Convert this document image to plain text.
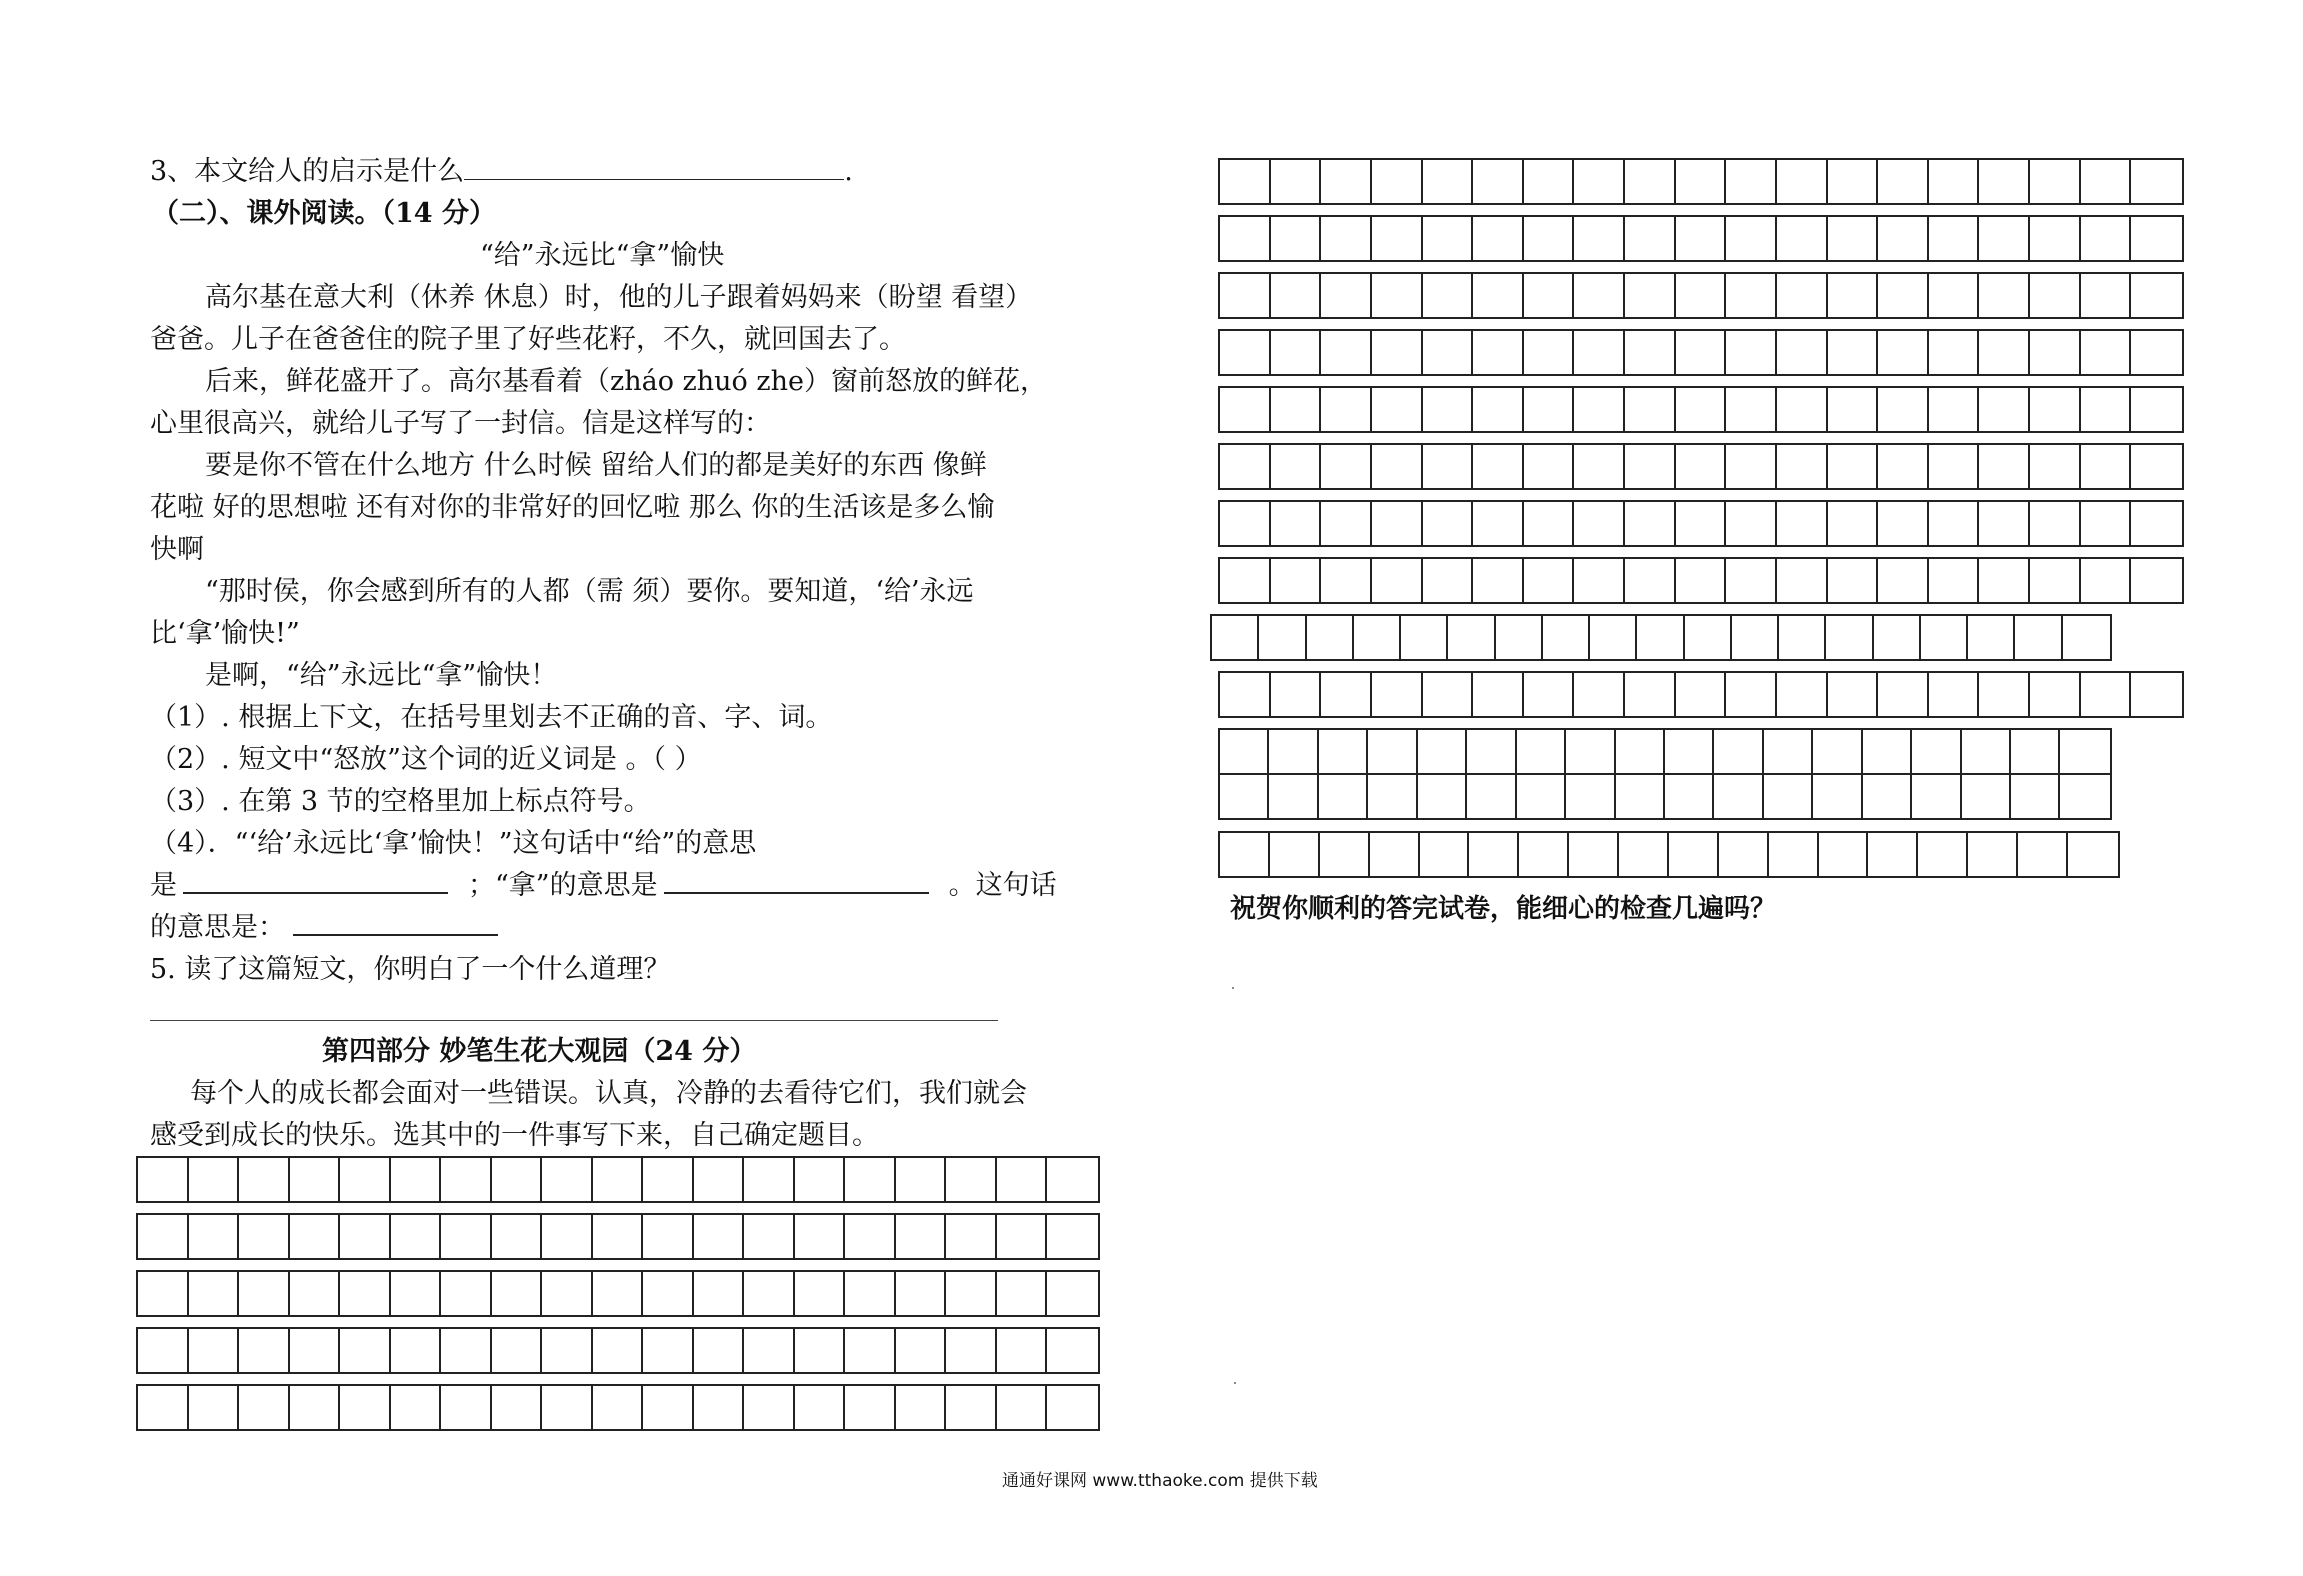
3、本文给人的启示是什么	.
（二）、课外阅读。（14 分）
“给”永远比“拿”愉快
高尔基在意大利（休养 休息）时，他的儿子跟着妈妈来（盼望 看望）
爸爸。儿子在爸爸住的院子里了好些花籽，不久，就回国去了。
后来，鲜花盛开了。高尔基看着（zháo zhuó zhe）窗前怒放的鲜花，
心里很高兴，就给儿子写了一封信。信是这样写的：
要是你不管在什么地方 什么时候 留给人们的都是美好的东西 像鲜
花啦 好的思想啦 还有对你的非常好的回忆啦 那么 你的生活该是多么愉
快啊
“那时侯，你会感到所有的人都（需 须）要你。要知道，‘给’永远
比‘拿’愉快!”
是啊，“给”永远比“拿”愉快！
（1）. 根据上下文，在括号里划去不正确的音、字、词。
（2）. 短文中“怒放”这个词的近义词是 。（ ）
（3）. 在第 3 节的空格里加上标点符号。
（4）．“‘给’永远比‘拿’愉快！”这句话中“给”的意思
是	；“拿”的意思是	。这句话
的意思是：
5. 读了这篇短文，你明白了一个什么道理？
第四部分 妙笔生花大观园（24 分）
每个人的成长都会面对一些错误。认真，冷静的去看待它们，我们就会
感受到成长的快乐。选其中的一件事写下来，自己确定题目。
祝贺你顺利的答完试卷，能细心的检查几遍吗？
通通好课网 www.tthaoke.com 提供下载
